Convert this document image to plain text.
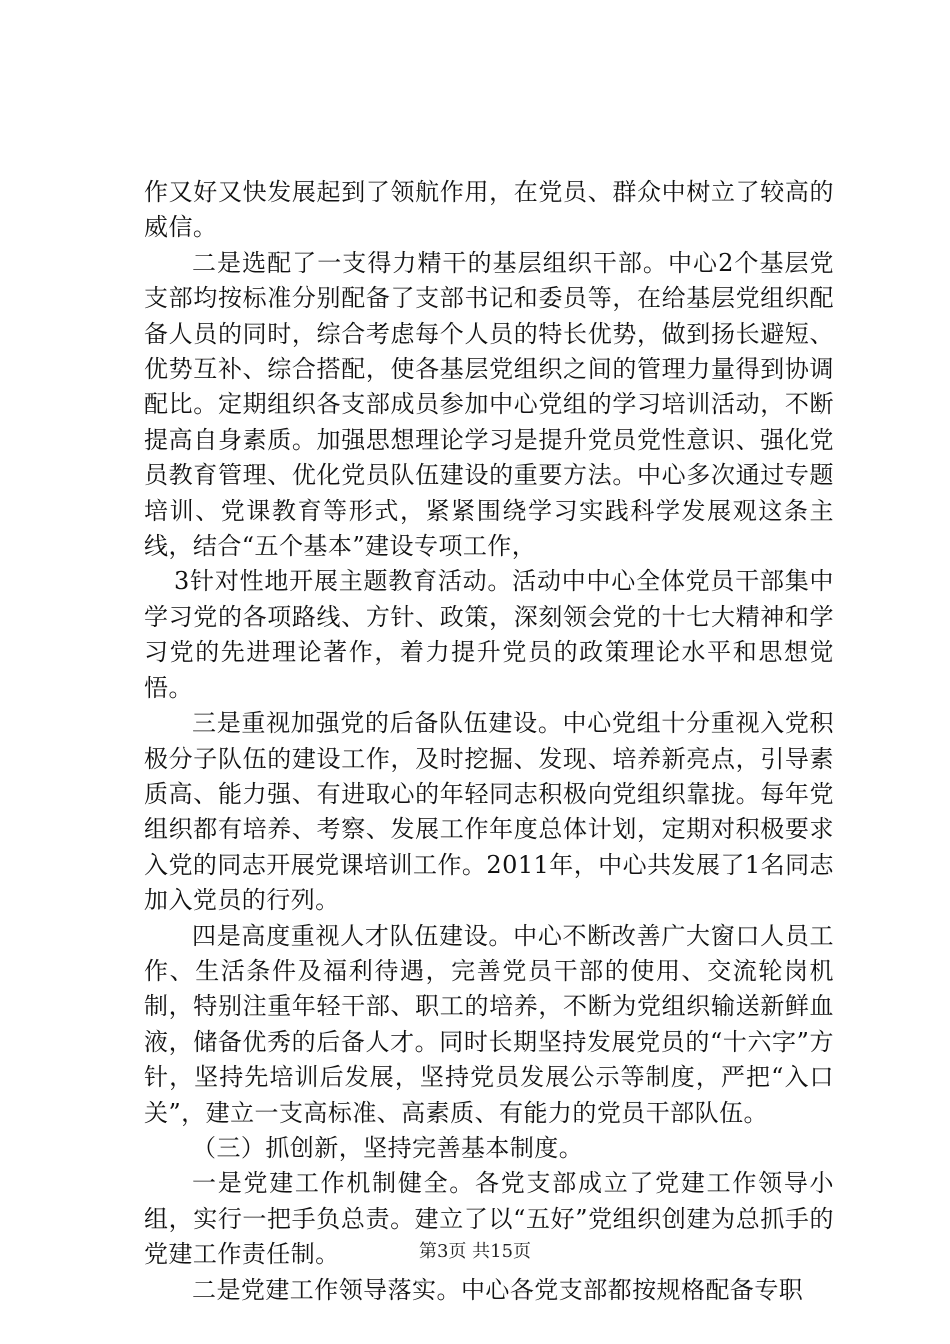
作又好又快发展起到了领航作用，在党员、群众中树立了较高的威信。

二是选配了一支得力精干的基层组织干部。中心2个基层党支部均按标准分别配备了支部书记和委员等，在给基层党组织配备人员的同时，综合考虑每个人员的特长优势，做到扬长避短、优势互补、综合搭配，使各基层党组织之间的管理力量得到协调配比。定期组织各支部成员参加中心党组的学习培训活动，不断提高自身素质。加强思想理论学习是提升党员党性意识、强化党员教育管理、优化党员队伍建设的重要方法。中心多次通过专题培训、党课教育等形式，紧紧围绕学习实践科学发展观这条主线，结合“五个基本”建设专项工作，

3针对性地开展主题教育活动。活动中中心全体党员干部集中学习党的各项路线、方针、政策，深刻领会党的十七大精神和学习党的先进理论著作，着力提升党员的政策理论水平和思想觉悟。

三是重视加强党的后备队伍建设。中心党组十分重视入党积极分子队伍的建设工作，及时挖掘、发现、培养新亮点，引导素质高、能力强、有进取心的年轻同志积极向党组织靠拢。每年党组织都有培养、考察、发展工作年度总体计划，定期对积极要求入党的同志开展党课培训工作。2011年，中心共发展了1名同志加入党员的行列。

四是高度重视人才队伍建设。中心不断改善广大窗口人员工作、生活条件及福利待遇，完善党员干部的使用、交流轮岗机制，特别注重年轻干部、职工的培养，不断为党组织输送新鲜血液，储备优秀的后备人才。同时长期坚持发展党员的“十六字”方针，坚持先培训后发展，坚持党员发展公示等制度，严把“入口关”，建立一支高标准、高素质、有能力的党员干部队伍。

（三）抓创新，坚持完善基本制度。

一是党建工作机制健全。各党支部成立了党建工作领导小组，实行一把手负总责。建立了以“五好”党组织创建为总抓手的党建工作责任制。

二是党建工作领导落实。中心各党支部都按规格配备专职

第3页 共15页
